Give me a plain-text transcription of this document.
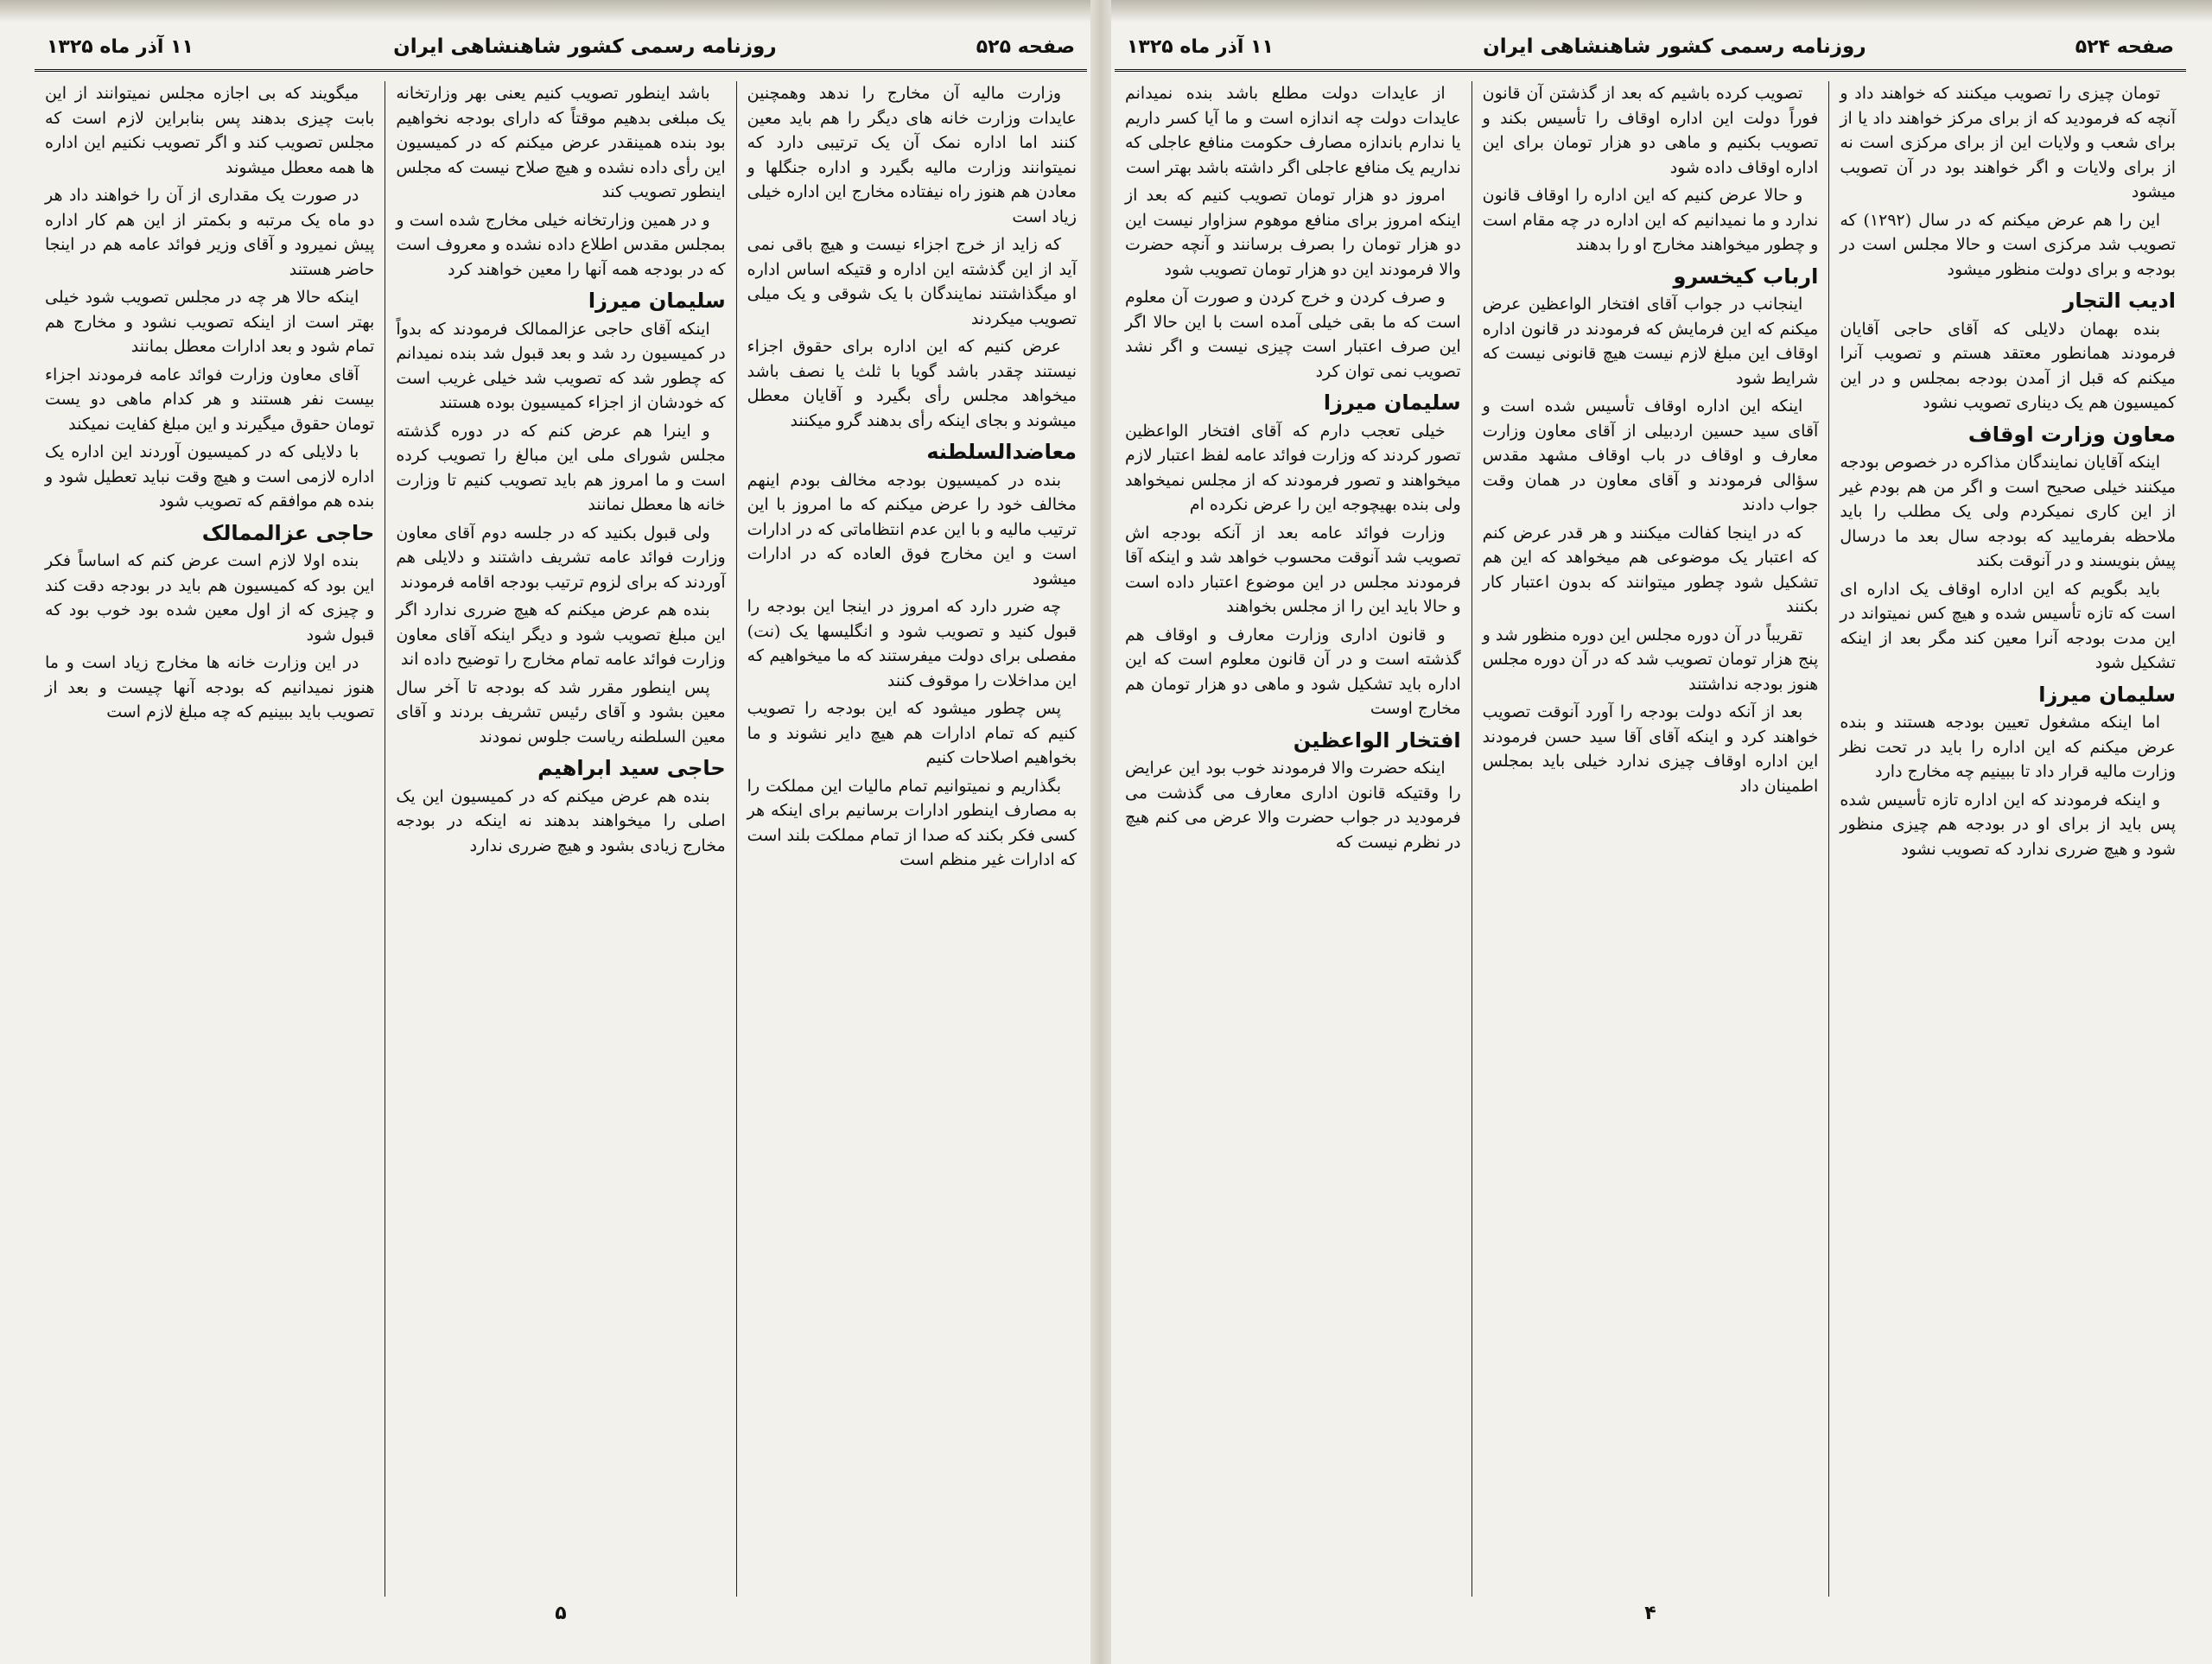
صفحه ۵۲۵
روزنامه رسمی کشور شاهنشاهی ایران
۱۱ آذر ماه ۱۳۲۵

وزارت مالیه آن مخارج را ندهد وهمچنین عایدات وزارت خانه های دیگر را هم باید معین کنند اما اداره نمک آن یک ترتیبی دارد که نمیتوانند وزارت مالیه بگیرد و اداره جنگلها و معادن هم هنوز راه نیفتاده مخارج این اداره خیلی زیاد است

که زاید از خرج اجزاء نیست و هیچ باقی نمی آید از این گذشته این اداره و قتیکه اساس اداره او میگذاشتند نمایندگان با یک شوقی و یک میلی تصویب میکردند

عرض کنیم که این اداره برای حقوق اجزاء نیستند چقدر باشد گویا با ثلث یا نصف باشد میخواهد مجلس رأی بگیرد و آقایان معطل میشوند و بجای اینکه رأی بدهند گرو میکنند

معاضدالسلطنه

بنده در کمیسیون بودجه مخالف بودم اینهم مخالف خود را عرض میکنم که ما امروز با این ترتیب مالیه و با این عدم انتظاماتی که در ادارات است و این مخارج فوق العاده که در ادارات میشود

چه ضرر دارد که امروز در اینجا این بودجه را قبول کنید و تصویب شود و انگلیسها یک (نت) مفصلی برای دولت میفرستند که ما میخواهیم که این مداخلات را موقوف کنند

پس چطور میشود که این بودجه را تصویب کنیم که تمام ادارات هم هیچ دایر نشوند و ما بخواهیم اصلاحات کنیم

بگذاریم و نمیتوانیم تمام مالیات این مملکت را به مصارف اینطور ادارات برسانیم برای اینکه هر کسی فکر بکند که صدا از تمام مملکت بلند است که ادارات غیر منظم است

باشد اینطور تصویب کنیم یعنی بهر وزارتخانه یک مبلغی بدهیم موقتاً که دارای بودجه نخواهیم بود بنده همینقدر عرض میکنم که در کمیسیون این رأی داده نشده و هیچ صلاح نیست که مجلس اینطور تصویب کند

و در همین وزارتخانه خیلی مخارج شده است و بمجلس مقدس اطلاع داده نشده و معروف است که در بودجه همه آنها را معین خواهند کرد

سلیمان میرزا

اینکه آقای حاجی عزالممالک فرمودند که بدواً در کمیسیون رد شد و بعد قبول شد بنده نمیدانم که چطور شد که تصویب شد خیلی غریب است که خودشان از اجزاء کمیسیون بوده هستند

و اینرا هم عرض کنم که در دوره گذشته مجلس شورای ملی این مبالغ را تصویب کرده است و ما امروز هم باید تصویب کنیم تا وزارت خانه ها معطل نمانند

ولی قبول بکنید که در جلسه دوم آقای معاون وزارت فوائد عامه تشریف داشتند و دلایلی هم آوردند که برای لزوم ترتیب بودجه اقامه فرمودند

بنده هم عرض میکنم که هیچ ضرری ندارد اگر این مبلغ تصویب شود و دیگر اینکه آقای معاون وزارت فوائد عامه تمام مخارج را توضیح داده اند

پس اینطور مقرر شد که بودجه تا آخر سال معین بشود و آقای رئیس تشریف بردند و آقای معین السلطنه ریاست جلوس نمودند

حاجی سید ابراهیم

بنده هم عرض میکنم که در کمیسیون این یک اصلی را میخواهند بدهند نه اینکه در بودجه مخارج زیادی بشود و هیچ ضرری ندارد

میگویند که بی اجازه مجلس نمیتوانند از این بابت چیزی بدهند پس بنابراین لازم است که مجلس تصویب کند و اگر تصویب نکنیم این اداره ها همه معطل میشوند

در صورت یک مقداری از آن را خواهند داد هر دو ماه یک مرتبه و بکمتر از این هم کار اداره پیش نمیرود و آقای وزیر فوائد عامه هم در اینجا حاضر هستند

اینکه حالا هر چه در مجلس تصویب شود خیلی بهتر است از اینکه تصویب نشود و مخارج هم تمام شود و بعد ادارات معطل بمانند

آقای معاون وزارت فوائد عامه فرمودند اجزاء بیست نفر هستند و هر کدام ماهی دو یست تومان حقوق میگیرند و این مبلغ کفایت نمیکند

با دلایلی که در کمیسیون آوردند این اداره یک اداره لازمی است و هیچ وقت نباید تعطیل شود و بنده هم موافقم که تصویب شود

حاجی عزالممالک

بنده اولا لازم است عرض کنم که اساساً فکر این بود که کمیسیون هم باید در بودجه دقت کند و چیزی که از اول معین شده بود خوب بود که قبول شود

در این وزارت خانه ها مخارج زیاد است و ما هنوز نمیدانیم که بودجه آنها چیست و بعد از تصویب باید ببینیم که چه مبلغ لازم است

۵
صفحه ۵۲۴
روزنامه رسمی کشور شاهنشاهی ایران
۱۱ آذر ماه ۱۳۲۵

تومان چیزی را تصویب میکنند که خواهند داد و آنچه که فرمودید که از برای مرکز خواهند داد یا از برای شعب و ولایات این از برای مرکزی است نه از برای ولایات و اگر خواهند بود در آن تصویب میشود

این را هم عرض میکنم که در سال (۱۲۹۲) که تصویب شد مرکزی است و حالا مجلس است در بودجه و برای دولت منظور میشود

ادیب التجار

بنده بهمان دلایلی که آقای حاجی آقایان فرمودند همانطور معتقد هستم و تصویب آنرا میکنم که قبل از آمدن بودجه بمجلس و در این کمیسیون هم یک دیناری تصویب نشود

معاون وزارت اوقاف

اینکه آقایان نمایندگان مذاکره در خصوص بودجه میکنند خیلی صحیح است و اگر من هم بودم غیر از این کاری نمیکردم ولی یک مطلب را باید ملاحظه بفرمایید که بودجه سال بعد ما درسال پیش بنویسند و در آنوقت بکند

باید بگویم که این اداره اوقاف یک اداره ای است که تازه تأسیس شده و هیچ کس نمیتواند در این مدت بودجه آنرا معین کند مگر بعد از اینکه تشکیل شود

سلیمان میرزا

اما اینکه مشغول تعیین بودجه هستند و بنده عرض میکنم که این اداره را باید در تحت نظر وزارت مالیه قرار داد تا ببینیم چه مخارج دارد

و اینکه فرمودند که این اداره تازه تأسیس شده پس باید از برای او در بودجه هم چیزی منظور شود و هیچ ضرری ندارد که تصویب نشود

تصویب کرده باشیم که بعد از گذشتن آن قانون فوراً دولت این اداره اوقاف را تأسیس بکند و تصویب بکنیم و ماهی دو هزار تومان برای این اداره اوقاف داده شود

و حالا عرض کنیم که این اداره را اوقاف قانون ندارد و ما نمیدانیم که این اداره در چه مقام است و چطور میخواهند مخارج او را بدهند

ارباب کیخسرو

اینجانب در جواب آقای افتخار الواعظین عرض میکنم که این فرمایش که فرمودند در قانون اداره اوقاف این مبلغ لازم نیست هیچ قانونی نیست که شرایط شود

اینکه این اداره اوقاف تأسیس شده است و آقای سید حسین اردبیلی از آقای معاون وزارت معارف و اوقاف در باب اوقاف مشهد مقدس سؤالی فرمودند و آقای معاون در همان وقت جواب دادند

که در اینجا کفالت میکنند و هر قدر عرض کنم که اعتبار یک موضوعی هم میخواهد که این هم تشکیل شود چطور میتوانند که بدون اعتبار کار بکنند

تقریباً در آن دوره مجلس این دوره منظور شد و پنج هزار تومان تصویب شد که در آن دوره مجلس هنوز بودجه نداشتند

بعد از آنکه دولت بودجه را آورد آنوقت تصویب خواهند کرد و اینکه آقای آقا سید حسن فرمودند این اداره اوقاف چیزی ندارد خیلی باید بمجلس اطمینان داد

از عایدات دولت مطلع باشد بنده نمیدانم عایدات دولت چه اندازه است و ما آیا کسر داریم یا ندارم باندازه مصارف حکومت منافع عاجلی که نداریم یک منافع عاجلی اگر داشته باشد بهتر است

امروز دو هزار تومان تصویب کنیم که بعد از اینکه امروز برای منافع موهوم سزاوار نیست این دو هزار تومان را بصرف برسانند و آنچه حضرت والا فرمودند این دو هزار تومان تصویب شود

و صرف کردن و خرج کردن و صورت آن معلوم است که ما بقی خیلی آمده است با این حالا اگر این صرف اعتبار است چیزی نیست و اگر نشد تصویب نمی توان کرد

سلیمان میرزا

خیلی تعجب دارم که آقای افتخار الواعظین تصور کردند که وزارت فوائد عامه لفظ اعتبار لازم میخواهند و تصور فرمودند که از مجلس نمیخواهد ولی بنده بهیچوجه این را عرض نکرده ام

وزارت فوائد عامه بعد از آنکه بودجه اش تصویب شد آنوقت محسوب خواهد شد و اینکه آقا فرمودند مجلس در این موضوع اعتبار داده است و حالا باید این را از مجلس بخواهند

و قانون اداری وزارت معارف و اوقاف هم گذشته است و در آن قانون معلوم است که این اداره باید تشکیل شود و ماهی دو هزار تومان هم مخارج اوست

افتخار الواعظین

اینکه حضرت والا فرمودند خوب بود این عرایض را وقتیکه قانون اداری معارف می گذشت می فرمودید در جواب حضرت والا عرض می کنم هیچ در نظرم نیست که

۴
